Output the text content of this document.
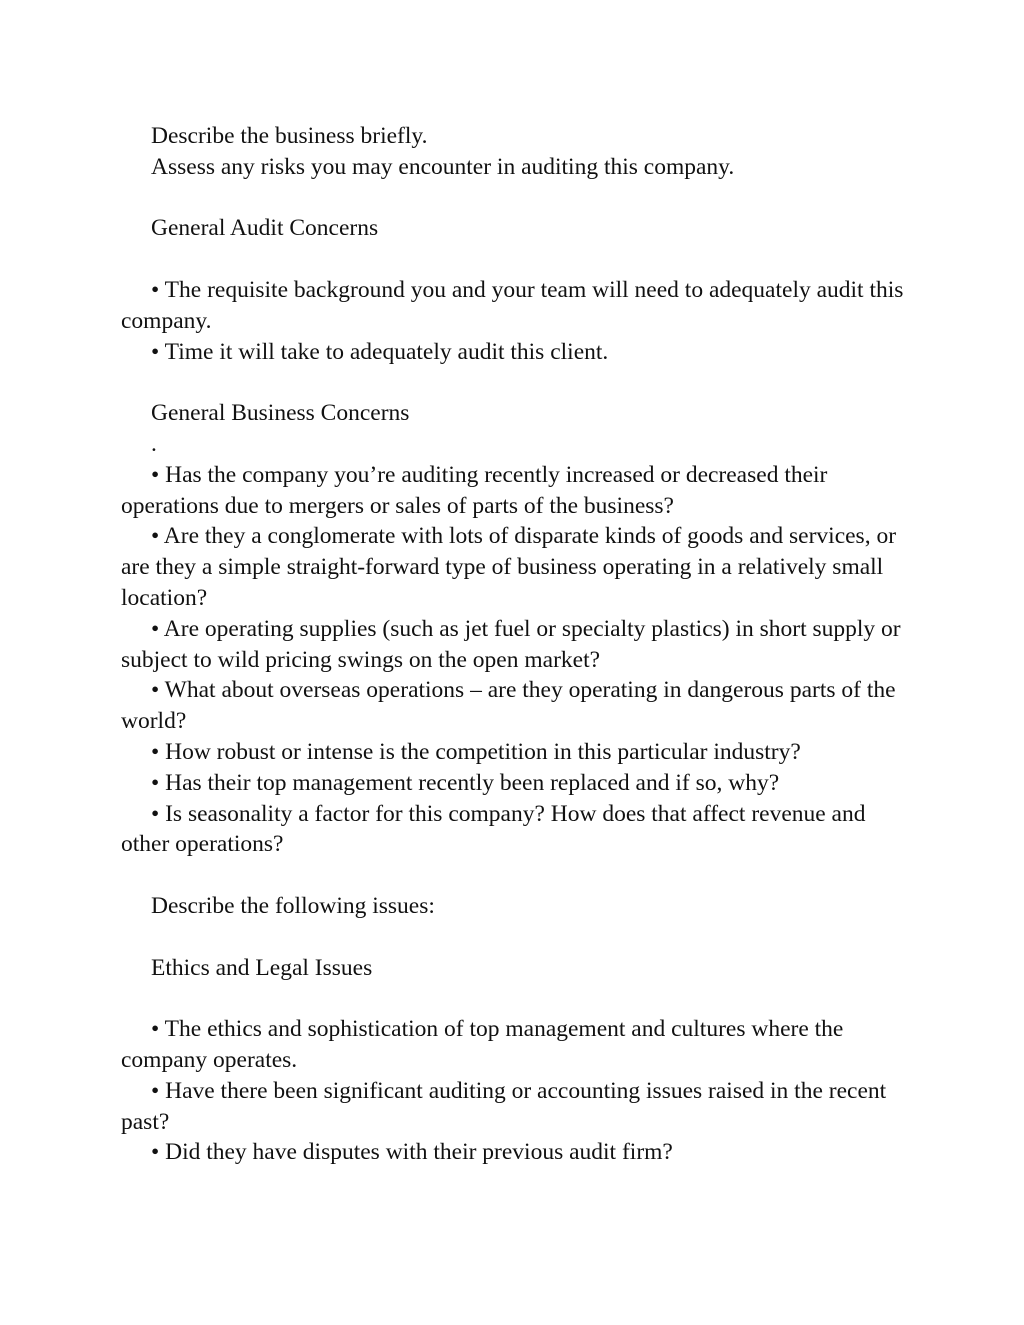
Describe the business briefly.

Assess any risks you may encounter in auditing this company.

General Audit Concerns

• The requisite background you and your team will need to adequately audit this company.

• Time it will take to adequately audit this client.

General Business Concerns

.

• Has the company you’re auditing recently increased or decreased their operations due to mergers or sales of parts of the business?

• Are they a conglomerate with lots of disparate kinds of goods and services, or are they a simple straight-forward type of business operating in a relatively small location?

• Are operating supplies (such as jet fuel or specialty plastics) in short supply or subject to wild pricing swings on the open market?

• What about overseas operations – are they operating in dangerous parts of the world?

• How robust or intense is the competition in this particular industry?

• Has their top management recently been replaced and if so, why?

• Is seasonality a factor for this company? How does that affect revenue and other operations?

Describe the following issues:

Ethics and Legal Issues

• The ethics and sophistication of top management and cultures where the company operates.

• Have there been significant auditing or accounting issues raised in the recent past?

• Did they have disputes with their previous audit firm?
